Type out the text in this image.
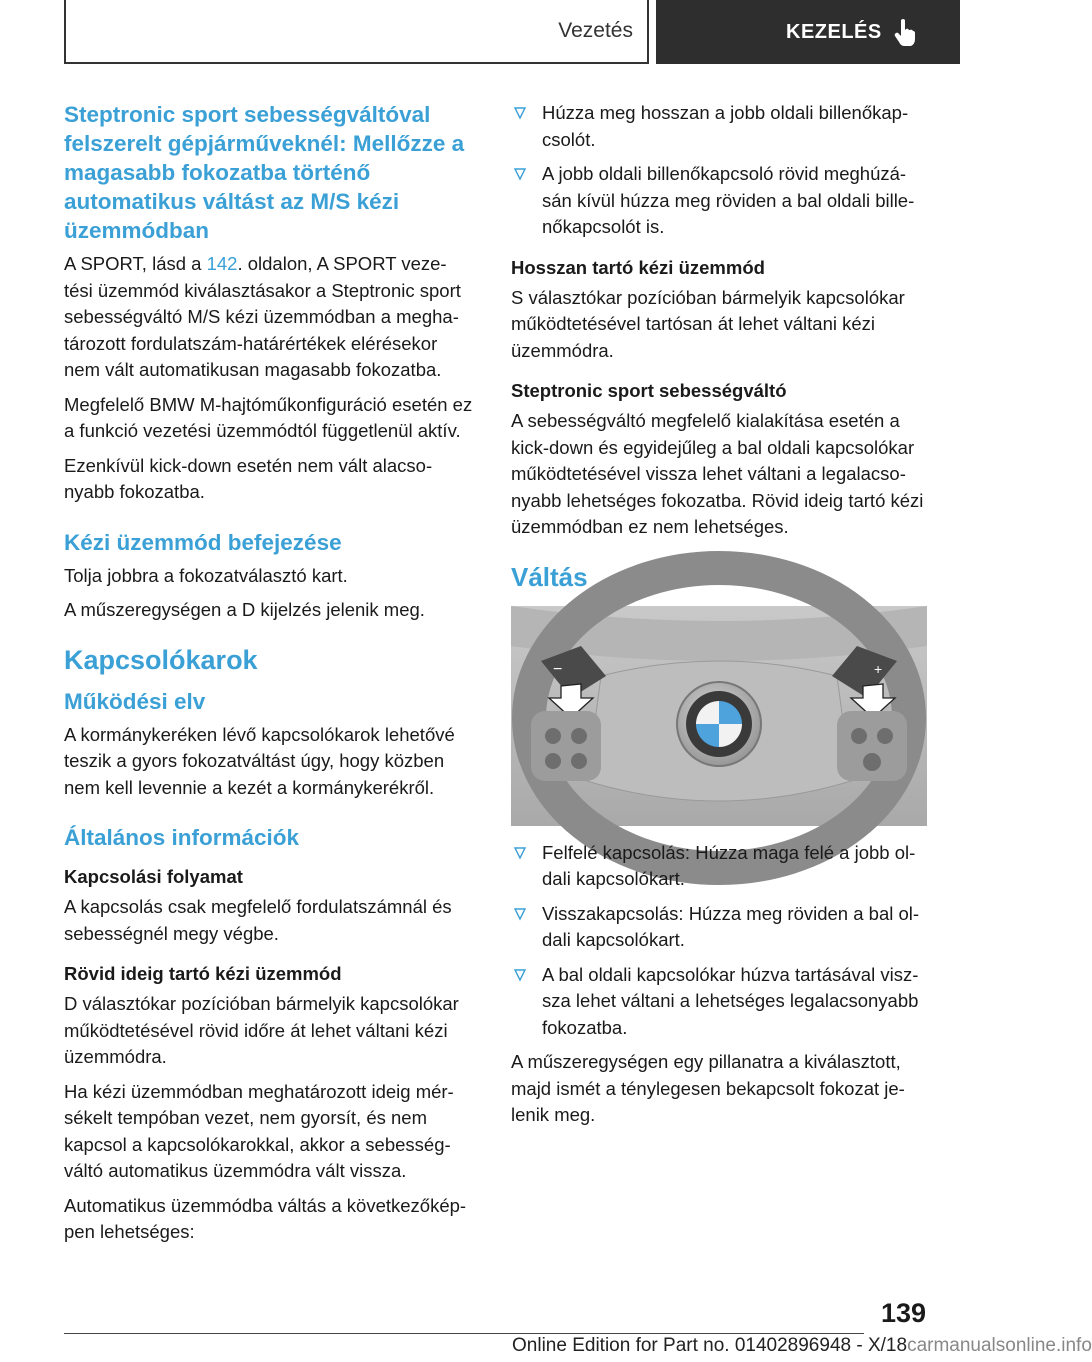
Vezetés	KEZELÉS
Steptronic sport sebességváltóval felszerelt gépjárműveknél: Mellőzze a magasabb fokozatba történő automatikus váltást az M/S kézi üzemmódban

A SPORT, lásd a 142. oldalon, A SPORT veze‐tési üzemmód kiválasztásakor a Steptronic sport sebességváltó M/S kézi üzemmódban a megha‐tározott fordulatszám-határértékek elérésekor nem vált automatikusan magasabb fokozatba.

Megfelelő BMW M-hajtóműkonfiguráció esetén ez a funkció vezetési üzemmódtól függetlenül aktív.

Ezenkívül kick-down esetén nem vált alacso‐nyabb fokozatba.

Kézi üzemmód befejezése

Tolja jobbra a fokozatválasztó kart.

A műszeregységen a D kijelzés jelenik meg.

Kapcsolókarok
Működési elv

A kormánykeréken lévő kapcsolókarok lehetővé teszik a gyors fokozatváltást úgy, hogy közben nem kell levennie a kezét a kormánykerékről.

Általános információk
Kapcsolási folyamat

A kapcsolás csak megfelelő fordulatszámnál és sebességnél megy végbe.

Rövid ideig tartó kézi üzemmód

D választókar pozícióban bármelyik kapcsolókar működtetésével rövid időre át lehet váltani kézi üzemmódra.

Ha kézi üzemmódban meghatározott ideig mér‐sékelt tempóban vezet, nem gyorsít, és nem kapcsol a kapcsolókarokkal, akkor a sebesség‐váltó automatikus üzemmódra vált vissza.

Automatikus üzemmódba váltás a következőkép‐pen lehetséges:

Húzza meg hosszan a jobb oldali billenőkap‐csolót.
A jobb oldali billenőkapcsoló rövid meghúzá‐sán kívül húzza meg röviden a bal oldali bille‐nőkapcsolót is.
Hosszan tartó kézi üzemmód

S választókar pozícióban bármelyik kapcsolókar működtetésével tartósan át lehet váltani kézi üzemmódra.

Steptronic sport sebességváltó

A sebességváltó megfelelő kialakítása esetén a kick-down és egyidejűleg a bal oldali kapcsolókar működtetésével vissza lehet váltani a legalacso‐nyabb lehetséges fokozatba. Rövid ideig tartó kézi üzemmódban ez nem lehetséges.

Váltás
−	+
Felfelé kapcsolás: Húzza maga felé a jobb ol‐dali kapcsolókart.
Visszakapcsolás: Húzza meg röviden a bal ol‐dali kapcsolókart.
A bal oldali kapcsolókar húzva tartásával visz‐sza lehet váltani a lehetséges legalacsonyabb fokozatba.

A műszeregységen egy pillanatra a kiválasztott, majd ismét a ténylegesen bekapcsolt fokozat je‐lenik meg.

139
Online Edition for Part no. 01402896948 - X/18carmanualsonline.info
